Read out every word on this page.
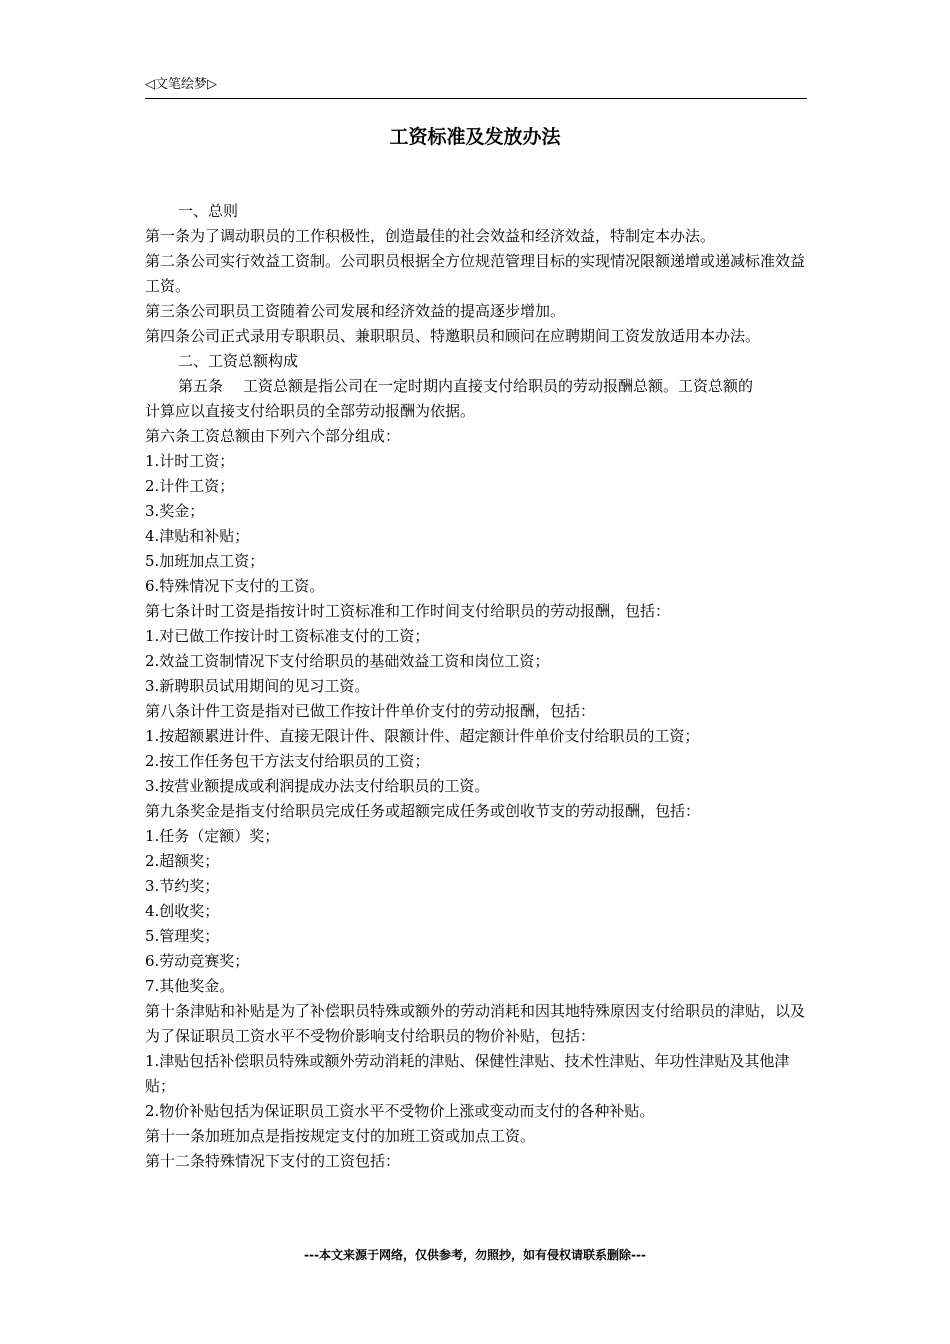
◁文笔绘梦▷
工资标准及发放办法

一、总则

第一条为了调动职员的工作积极性，创造最佳的社会效益和经济效益，特制定本办法。

第二条公司实行效益工资制。公司职员根据全方位规范管理目标的实现情况限额递增或递减标准效益工资。

第三条公司职员工资随着公司发展和经济效益的提高逐步增加。

第四条公司正式录用专职职员、兼职职员、特邀职员和顾问在应聘期间工资发放适用本办法。

二、工资总额构成

第五条	工资总额是指公司在一定时期内直接支付给职员的劳动报酬总额。工资总额的

计算应以直接支付给职员的全部劳动报酬为依据。

第六条工资总额由下列六个部分组成：

1.计时工资；

2.计件工资；

3.奖金；

4.津贴和补贴；

5.加班加点工资；

6.特殊情况下支付的工资。

第七条计时工资是指按计时工资标准和工作时间支付给职员的劳动报酬，包括：

1.对已做工作按计时工资标准支付的工资；

2.效益工资制情况下支付给职员的基础效益工资和岗位工资；

3.新聘职员试用期间的见习工资。

第八条计件工资是指对已做工作按计件单价支付的劳动报酬，包括：

1.按超额累进计件、直接无限计件、限额计件、超定额计件单价支付给职员的工资；

2.按工作任务包干方法支付给职员的工资；

3.按营业额提成或利润提成办法支付给职员的工资。

第九条奖金是指支付给职员完成任务或超额完成任务或创收节支的劳动报酬，包括：

1.任务（定额）奖；

2.超额奖；

3.节约奖；

4.创收奖；

5.管理奖；

6.劳动竞赛奖；

7.其他奖金。

第十条津贴和补贴是为了补偿职员特殊或额外的劳动消耗和因其地特殊原因支付给职员的津贴，以及为了保证职员工资水平不受物价影响支付给职员的物价补贴，包括：

1.津贴包括补偿职员特殊或额外劳动消耗的津贴、保健性津贴、技术性津贴、年功性津贴及其他津贴；

2.物价补贴包括为保证职员工资水平不受物价上涨或变动而支付的各种补贴。

第十一条加班加点是指按规定支付的加班工资或加点工资。

第十二条特殊情况下支付的工资包括：

---本文来源于网络，仅供参考，勿照抄，如有侵权请联系删除---
